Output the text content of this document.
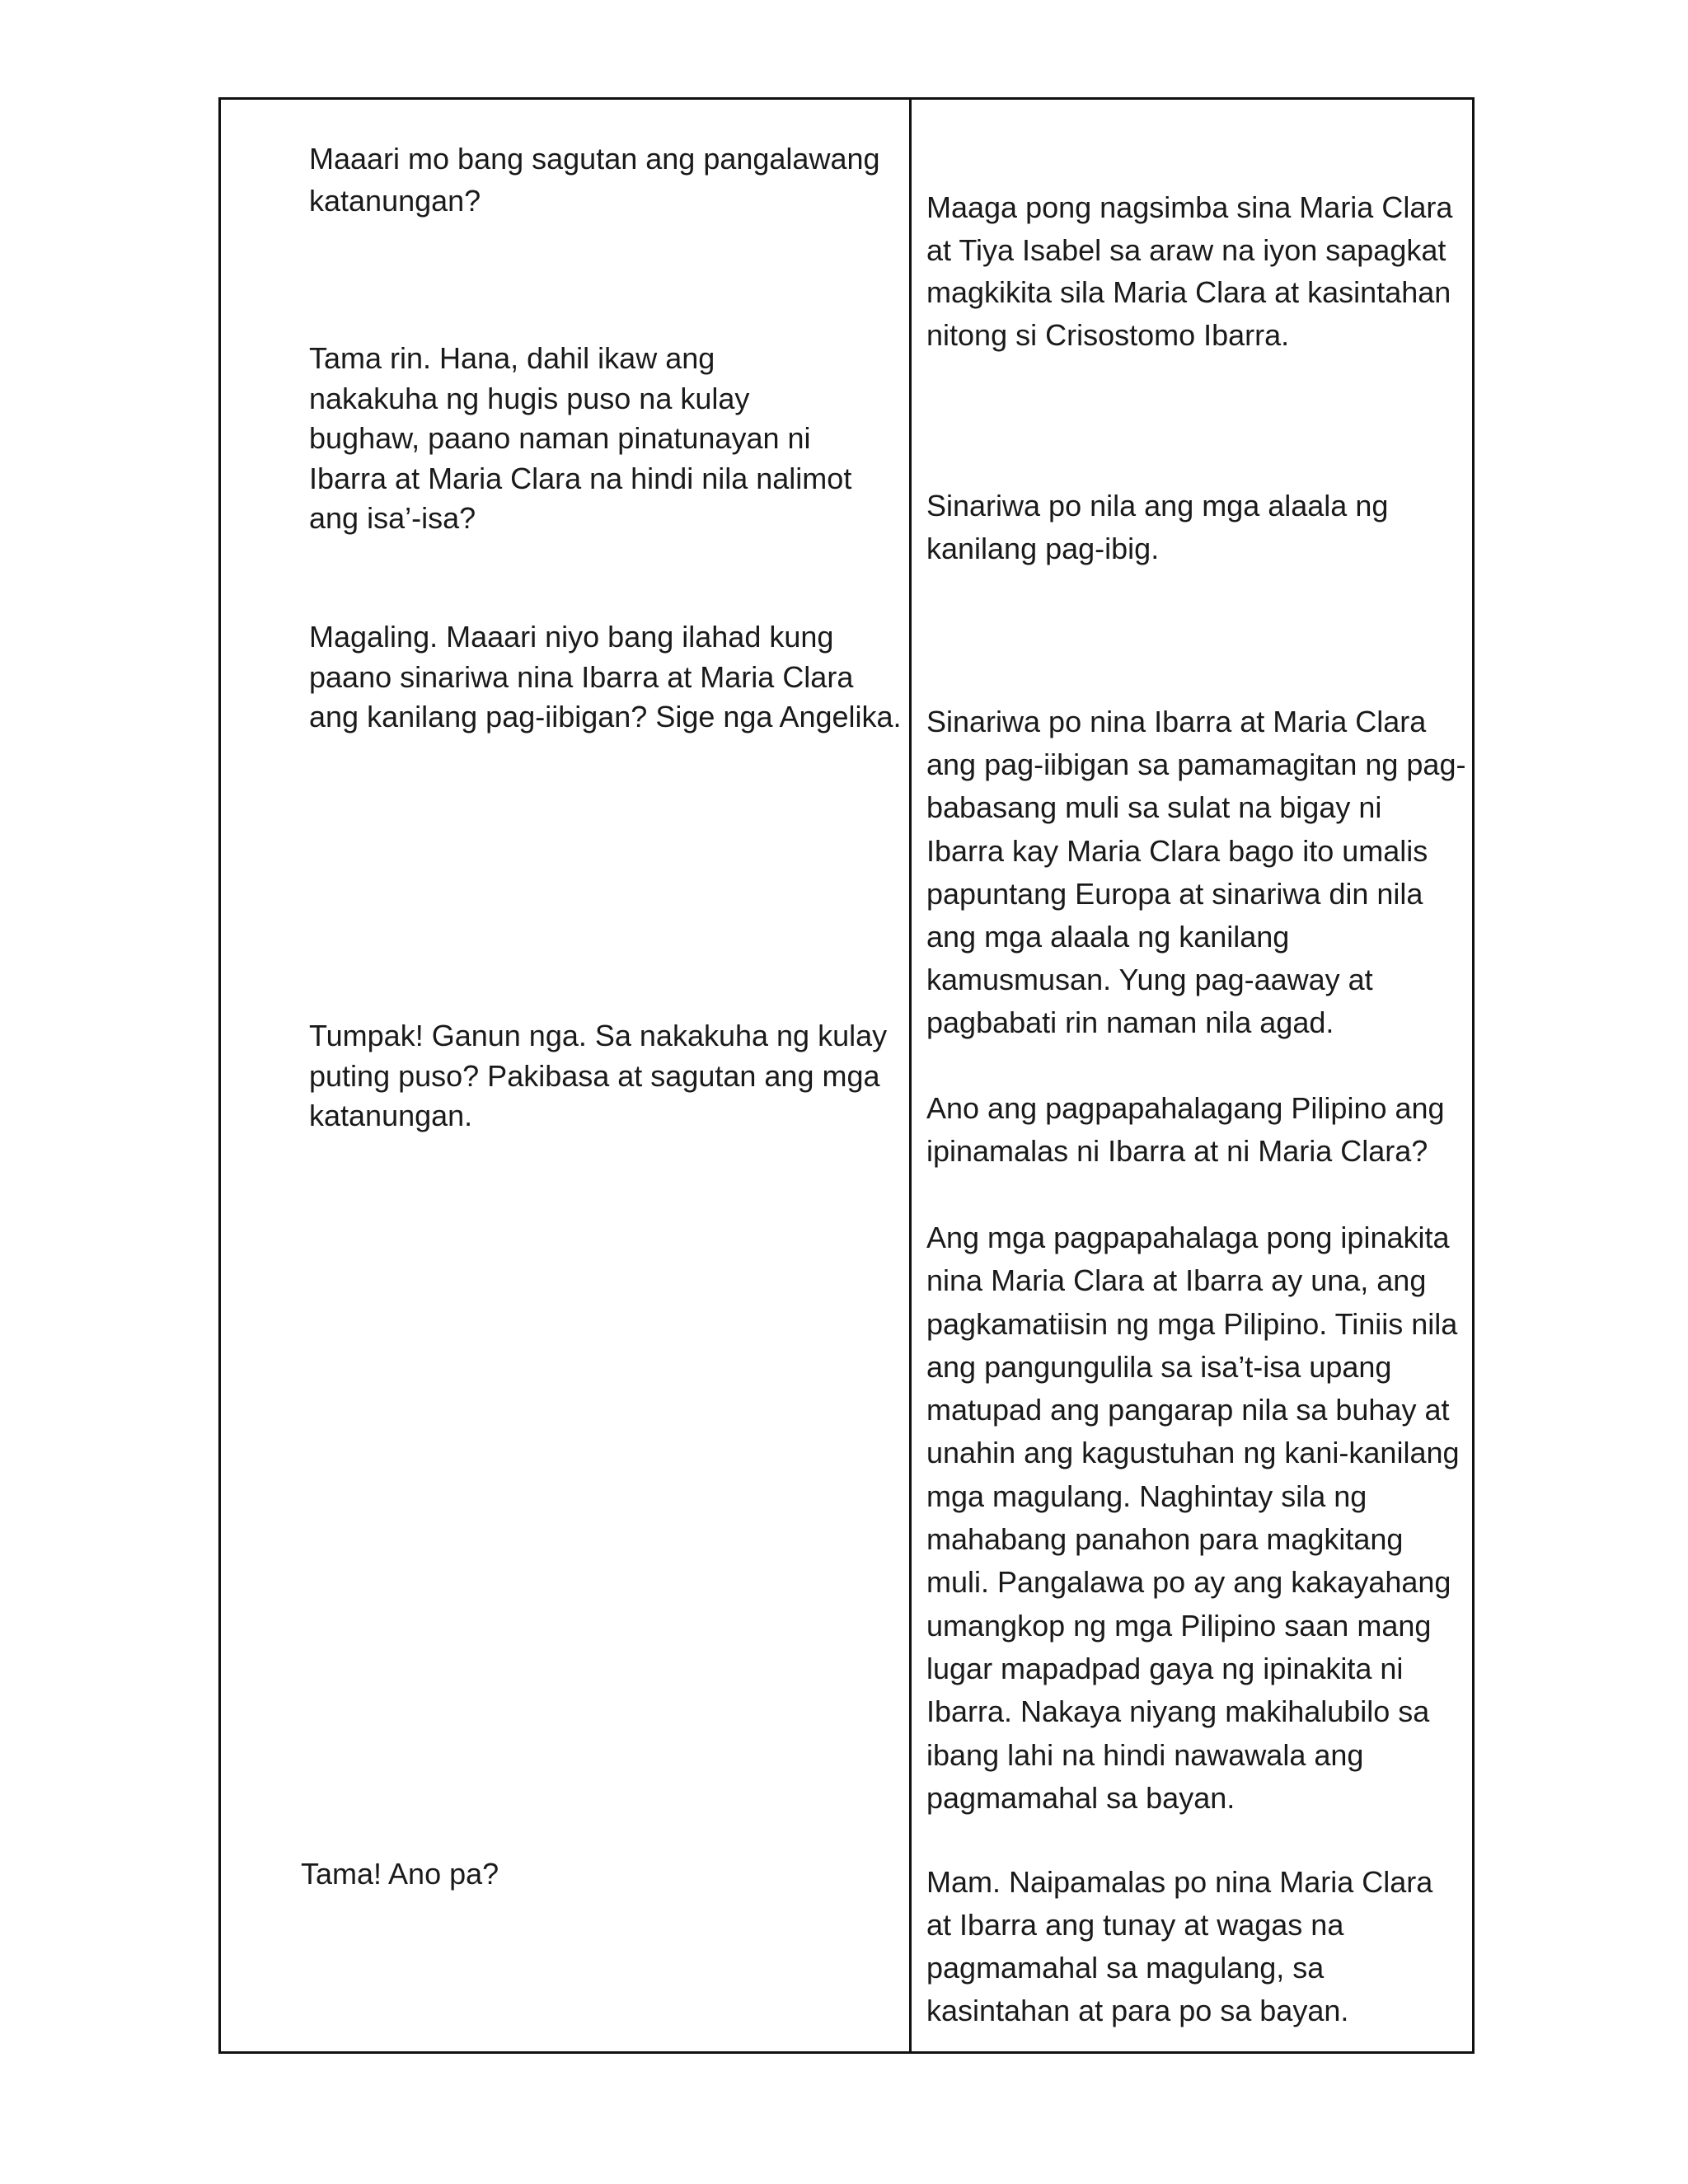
Maaari mo bang sagutan ang pangalawang
katanungan?
Tama rin. Hana, dahil ikaw ang
nakakuha ng hugis puso na kulay
bughaw, paano naman pinatunayan ni
Ibarra at Maria Clara na hindi nila nalimot
ang isa’-isa?
Magaling. Maaari niyo bang ilahad kung
paano sinariwa nina Ibarra at Maria Clara
ang kanilang pag-iibigan? Sige nga Angelika.
Tumpak! Ganun nga. Sa nakakuha ng kulay
puting puso? Pakibasa at sagutan ang mga
katanungan.
Tama! Ano pa?
Maaga pong nagsimba sina Maria Clara
at Tiya Isabel sa araw na iyon sapagkat
magkikita sila Maria Clara at kasintahan
nitong si Crisostomo Ibarra.
Sinariwa po nila ang mga alaala ng
kanilang pag-ibig.
Sinariwa po nina Ibarra at Maria Clara
ang pag-iibigan sa pamamagitan ng pag-
babasang muli sa sulat na bigay ni
Ibarra kay Maria Clara bago ito umalis
papuntang Europa at sinariwa din nila
ang mga alaala ng kanilang
kamusmusan. Yung pag-aaway at
pagbabati rin naman nila agad.
Ano ang pagpapahalagang Pilipino ang
ipinamalas ni Ibarra at ni Maria Clara?
Ang mga pagpapahalaga pong ipinakita
nina Maria Clara at Ibarra ay una, ang
pagkamatiisin ng mga Pilipino. Tiniis nila
ang pangungulila sa isa’t-isa upang
matupad ang pangarap nila sa buhay at
unahin ang kagustuhan ng kani-kanilang
mga magulang. Naghintay sila ng
mahabang panahon para magkitang
muli. Pangalawa po ay ang kakayahang
umangkop ng mga Pilipino saan mang
lugar mapadpad gaya ng ipinakita ni
Ibarra. Nakaya niyang makihalubilo sa
ibang lahi na hindi nawawala ang
pagmamahal sa bayan.
Mam. Naipamalas po nina Maria Clara
at Ibarra ang tunay at wagas na
pagmamahal sa magulang, sa
kasintahan at para po sa bayan.
